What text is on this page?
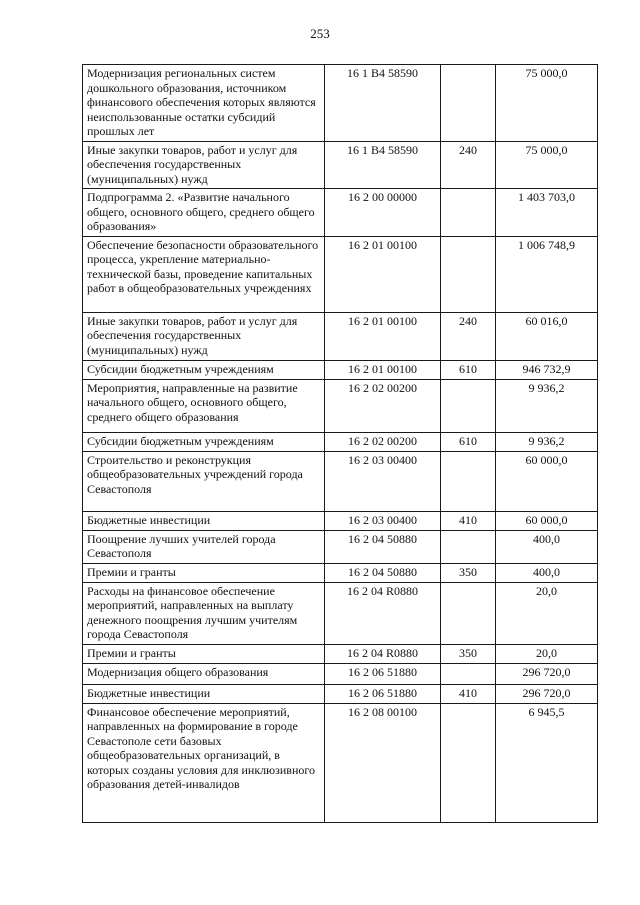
253
Модернизация региональных систем дошкольного образования, источником финансового обеспечения которых являются неиспользованные остатки субсидий прошлых лет	16 1 B4 58590		75 000,0
Иные закупки товаров, работ и услуг для обеспечения государственных (муниципальных) нужд	16 1 B4 58590	240	75 000,0
Подпрограмма 2. «Развитие начального общего, основного общего, среднего общего образования»	16 2 00 00000		1 403 703,0
Обеспечение безопасности образовательного процесса, укрепление материально-технической базы, проведение капитальных работ в общеобразовательных учреждениях	16 2 01 00100		1 006 748,9
Иные закупки товаров, работ и услуг для обеспечения государственных (муниципальных) нужд	16 2 01 00100	240	60 016,0
Субсидии бюджетным учреждениям	16 2 01 00100	610	946 732,9
Мероприятия, направленные на развитие начального общего, основного общего, среднего общего образования	16 2 02 00200		9 936,2
Субсидии бюджетным учреждениям	16 2 02 00200	610	9 936,2
Строительство и реконструкция общеобразовательных учреждений города Севастополя	16 2 03 00400		60 000,0
Бюджетные инвестиции	16 2 03 00400	410	60 000,0
Поощрение лучших учителей города Севастополя	16 2 04 50880		400,0
Премии и гранты	16 2 04 50880	350	400,0
Расходы на финансовое обеспечение мероприятий, направленных на выплату денежного поощрения лучшим учителям города Севастополя	16 2 04 R0880		20,0
Премии и гранты	16 2 04 R0880	350	20,0
Модернизация общего образования	16 2 06 51880		296 720,0
Бюджетные инвестиции	16 2 06 51880	410	296 720,0
Финансовое обеспечение мероприятий, направленных на формирование в городе Севастополе сети базовых общеобразовательных организаций, в которых созданы условия для инклюзивного образования детей-инвалидов	16 2 08 00100		6 945,5
